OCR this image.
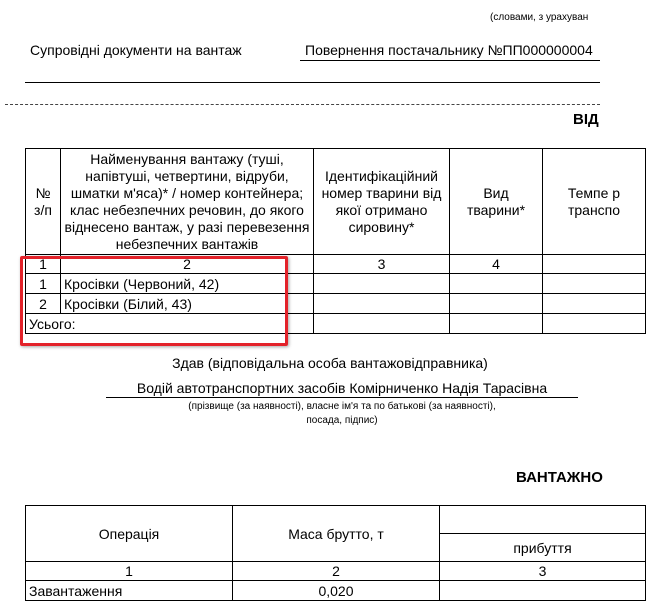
(словами, з урахуван
Супровідні документи на вантаж	Повернення постачальнику №ПП000000004
ВІД
№ з/п	Найменування вантажу (туші, напівтуші, четвертини, відруби, шматки м'яса)* / номер контейнера; клас небезпечних речовин, до якого віднесено вантаж, у разі перевезення небезпечних вантажів	Ідентифікаційний номер тварини від якої отримано сировину*	Вид тварини*	Темпе р транспо
1	2	3	4	
1	Кросівки (Червоний, 42)			
2	Кросівки (Білий, 43)			
Усього:				
Здав (відповідальна особа вантажовідправника)
Водій автотранспортних засобів Комірниченко Надія Тарасівна
(прізвище (за наявності), власне ім'я та по батькові (за наявності),
посада, підпис)
ВАНТАЖНО
Операція	Маса брутто, т	
		прибуття
1	2	3
Завантаження	0,020	
